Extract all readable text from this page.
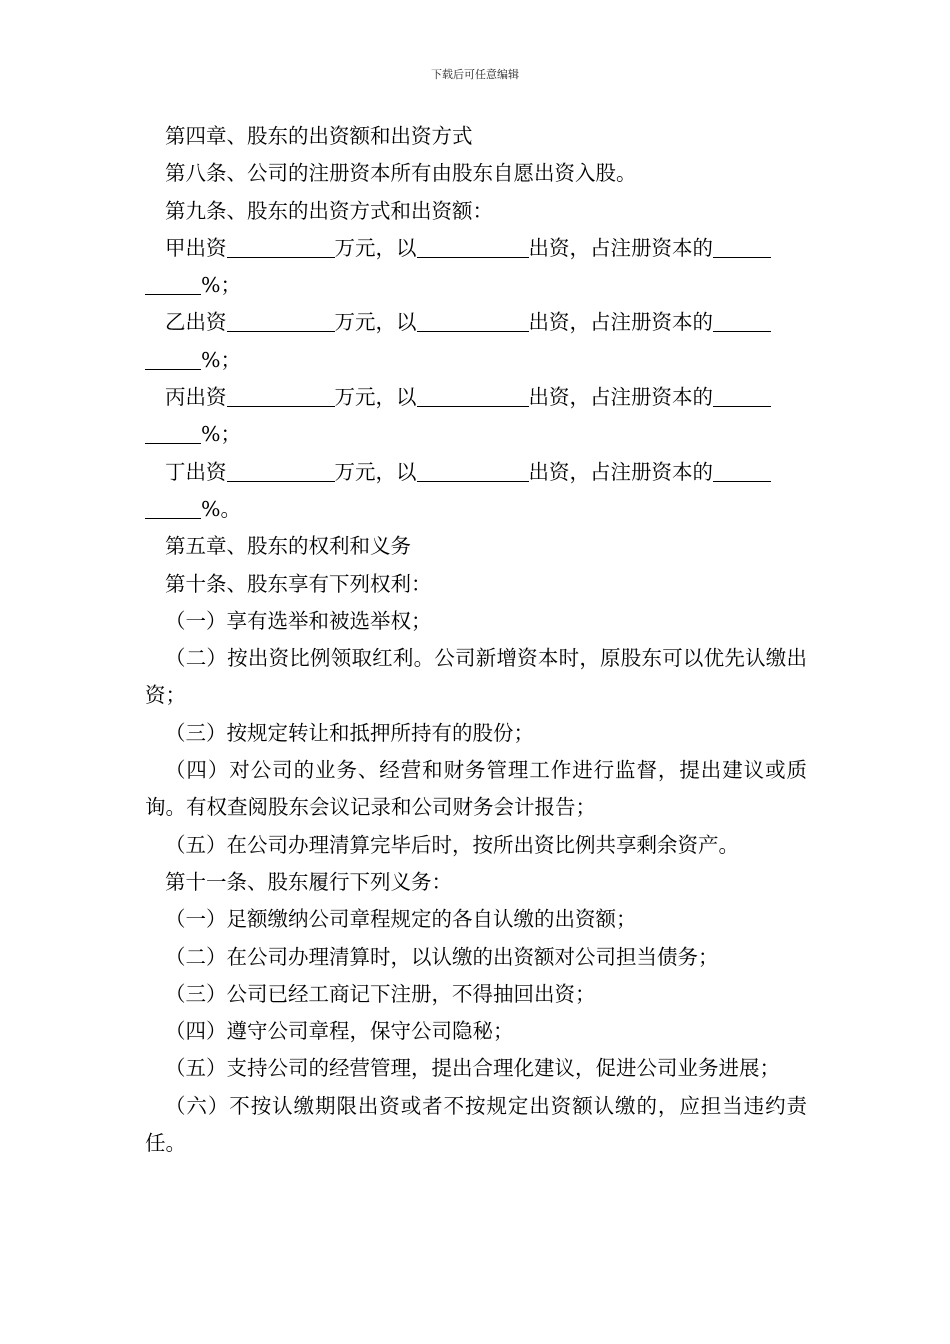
下载后可任意编辑

第四章、股东的出资额和出资方式

第八条、公司的注册资本所有由股东自愿出资入股。

第九条、股东的出资方式和出资额：

甲出资	万元，以	出资，占注册资本的

%；

乙出资	万元，以	出资，占注册资本的

%；

丙出资	万元，以	出资，占注册资本的

%；

丁出资	万元，以	出资，占注册资本的

%。

第五章、股东的权利和义务

第十条、股东享有下列权利：

（一）享有选举和被选举权；

（二）按出资比例领取红利。公司新增资本时，原股东可以优先认缴出资；

（三）按规定转让和抵押所持有的股份；

（四）对公司的业务、经营和财务管理工作进行监督，提出建议或质询。有权查阅股东会议记录和公司财务会计报告；

（五）在公司办理清算完毕后时，按所出资比例共享剩余资产。

第十一条、股东履行下列义务：

（一）足额缴纳公司章程规定的各自认缴的出资额；

（二）在公司办理清算时，以认缴的出资额对公司担当债务；

（三）公司已经工商记下注册，不得抽回出资；

（四）遵守公司章程，保守公司隐秘；

（五）支持公司的经营管理，提出合理化建议，促进公司业务进展；

（六）不按认缴期限出资或者不按规定出资额认缴的，应担当违约责任。
